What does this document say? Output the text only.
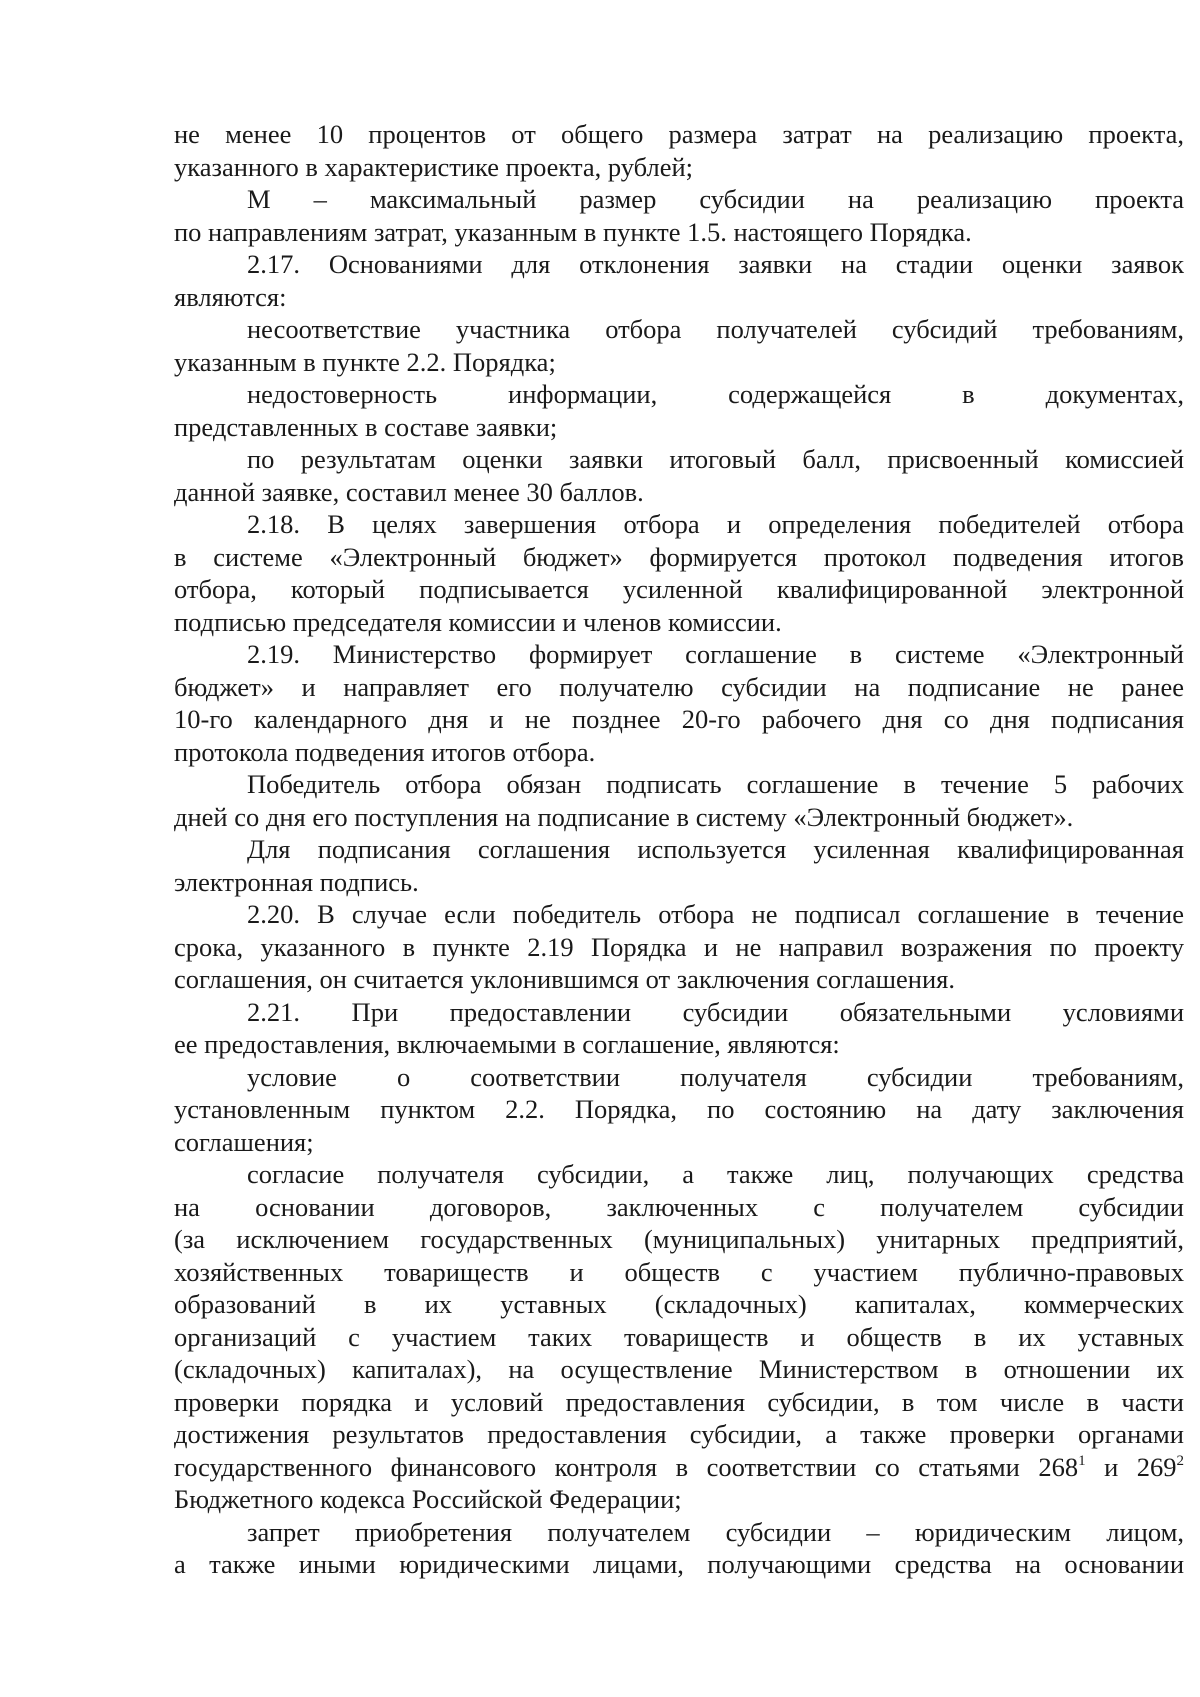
не менее 10 процентов от общего размера затрат на реализацию проекта,
указанного в характеристике проекта, рублей;
M – максимальный размер субсидии на реализацию проекта
по направлениям затрат, указанным в пункте 1.5. настоящего Порядка.
2.17. Основаниями для отклонения заявки на стадии оценки заявок
являются:
несоответствие участника отбора получателей субсидий требованиям,
указанным в пункте 2.2. Порядка;
недостоверность информации, содержащейся в документах,
представленных в составе заявки;
по результатам оценки заявки итоговый балл, присвоенный комиссией
данной заявке, составил менее 30 баллов.
2.18. В целях завершения отбора и определения победителей отбора
в системе «Электронный бюджет» формируется протокол подведения итогов
отбора, который подписывается усиленной квалифицированной электронной
подписью председателя комиссии и членов комиссии.
2.19. Министерство формирует соглашение в системе «Электронный
бюджет» и направляет его получателю субсидии на подписание не ранее
10-го календарного дня и не позднее 20-го рабочего дня со дня подписания
протокола подведения итогов отбора.
Победитель отбора обязан подписать соглашение в течение 5 рабочих
дней со дня его поступления на подписание в систему «Электронный бюджет».
Для подписания соглашения используется усиленная квалифицированная
электронная подпись.
2.20. В случае если победитель отбора не подписал соглашение в течение
срока, указанного в пункте 2.19 Порядка и не направил возражения по проекту
соглашения, он считается уклонившимся от заключения соглашения.
2.21. При предоставлении субсидии обязательными условиями
ее предоставления, включаемыми в соглашение, являются:
условие о соответствии получателя субсидии требованиям,
установленным пунктом 2.2. Порядка, по состоянию на дату заключения
соглашения;
согласие получателя субсидии, а также лиц, получающих средства
на основании договоров, заключенных с получателем субсидии
(за исключением государственных (муниципальных) унитарных предприятий,
хозяйственных товариществ и обществ с участием публично-правовых
образований в их уставных (складочных) капиталах, коммерческих
организаций с участием таких товариществ и обществ в их уставных
(складочных) капиталах), на осуществление Министерством в отношении их
проверки порядка и условий предоставления субсидии, в том числе в части
достижения результатов предоставления субсидии, а также проверки органами
государственного финансового контроля в соответствии со статьями $268^1$ и $269^2$
Бюджетного кодекса Российской Федерации;
запрет приобретения получателем субсидии – юридическим лицом,
а также иными юридическими лицами, получающими средства на основании
